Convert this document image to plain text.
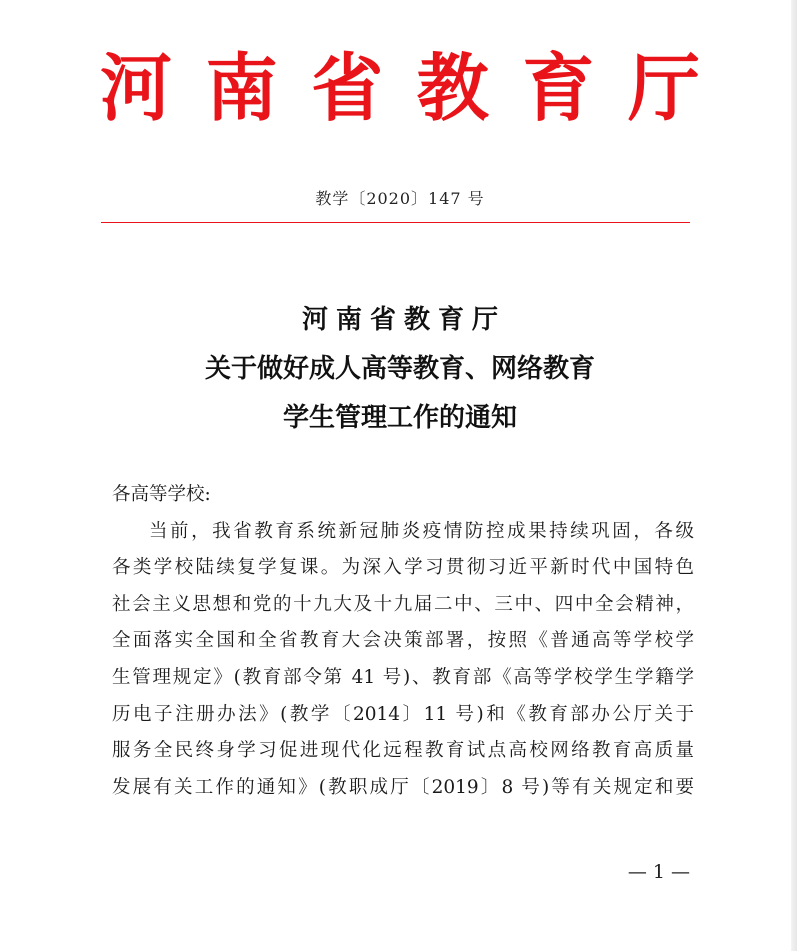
河 南 省 教 育 厅
教学〔2020〕147 号
河南省教育厅
关于做好成人高等教育、网络教育
学生管理工作的通知

各高等学校:

当前，我省教育系统新冠肺炎疫情防控成果持续巩固，各级

各类学校陆续复学复课。为深入学习贯彻习近平新时代中国特色

社会主义思想和党的十九大及十九届二中、三中、四中全会精神，

全面落实全国和全省教育大会决策部署，按照《普通高等学校学

生管理规定》(教育部令第 41 号)、教育部《高等学校学生学籍学

历电子注册办法》(教学〔2014〕11 号)和《教育部办公厅关于

服务全民终身学习促进现代化远程教育试点高校网络教育高质量

发展有关工作的通知》(教职成厅〔2019〕8 号)等有关规定和要

— 1 —
